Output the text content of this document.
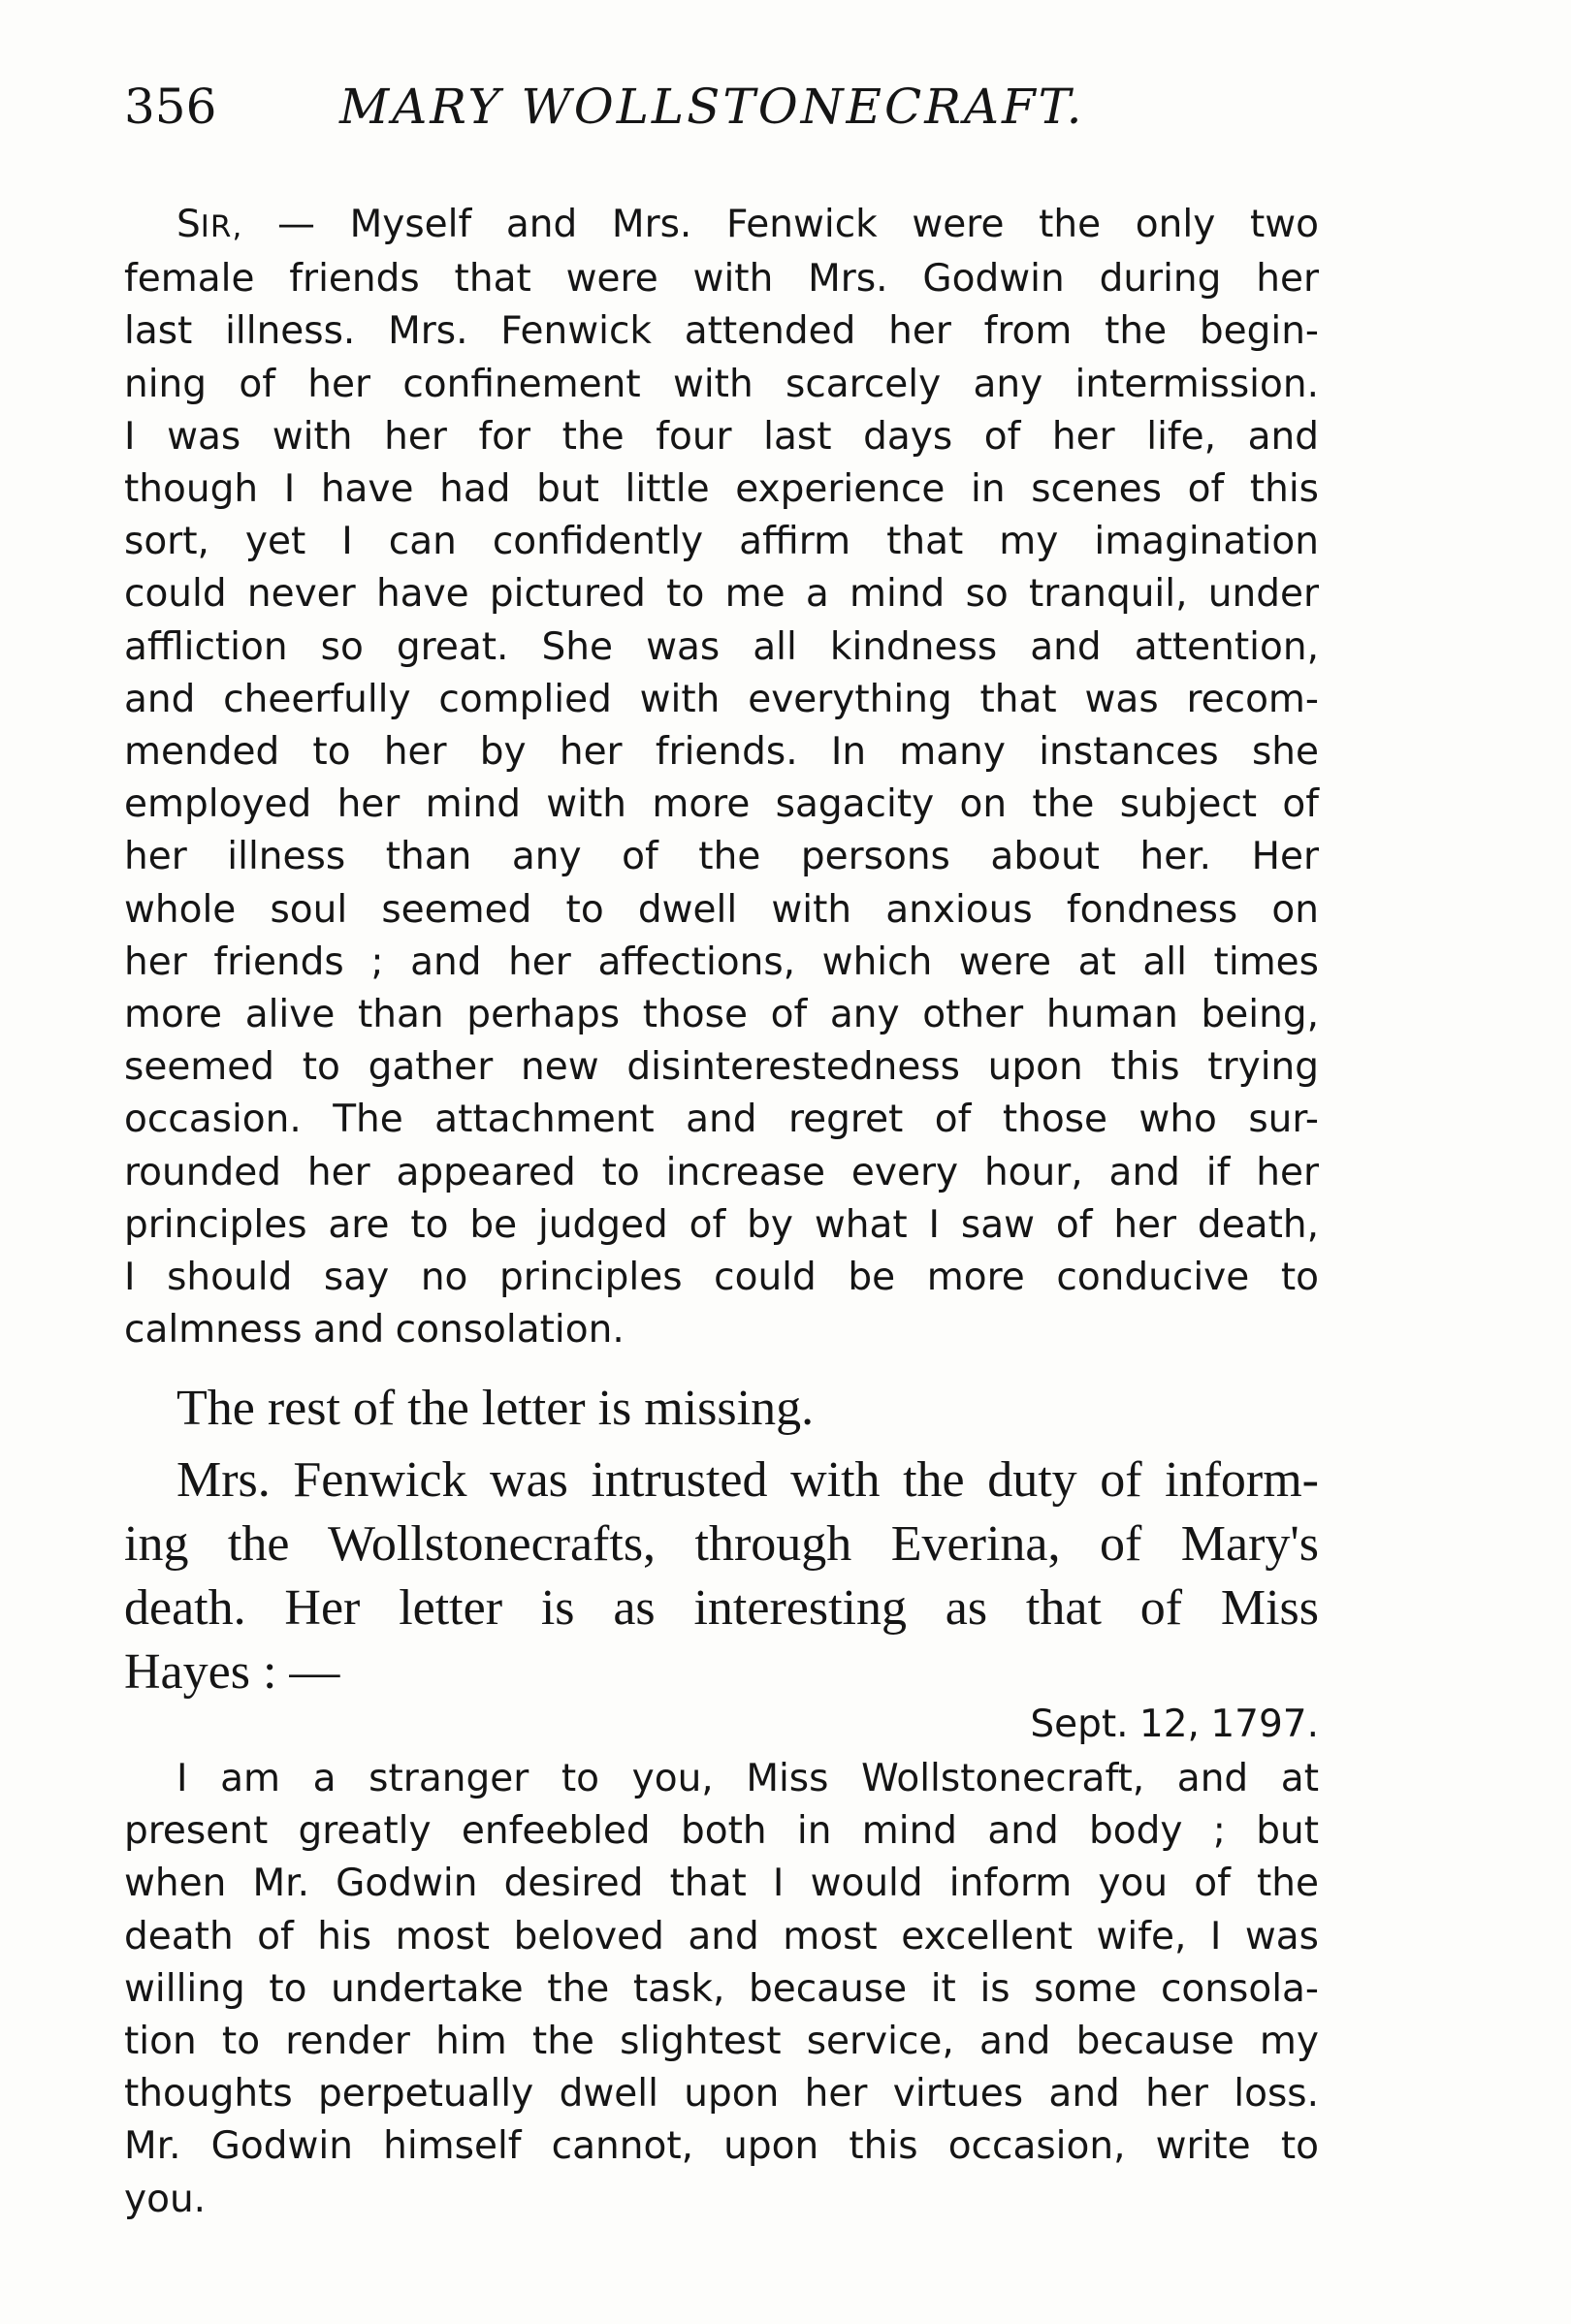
356	MARY WOLLSTONECRAFT.
SIR, — Myself and Mrs. Fenwick were the only two
female friends that were with Mrs. Godwin during her
last illness. Mrs. Fenwick attended her from the begin-
ning of her confinement with scarcely any intermission.
I was with her for the four last days of her life, and
though I have had but little experience in scenes of this
sort, yet I can confidently affirm that my imagination
could never have pictured to me a mind so tranquil, under
affliction so great. She was all kindness and attention,
and cheerfully complied with everything that was recom-
mended to her by her friends. In many instances she
employed her mind with more sagacity on the subject of
her illness than any of the persons about her. Her
whole soul seemed to dwell with anxious fondness on
her friends ; and her affections, which were at all times
more alive than perhaps those of any other human being,
seemed to gather new disinterestedness upon this trying
occasion. The attachment and regret of those who sur-
rounded her appeared to increase every hour, and if her
principles are to be judged of by what I saw of her death,
I should say no principles could be more conducive to
calmness and consolation.
The rest of the letter is missing.
Mrs. Fenwick was intrusted with the duty of inform-
ing the Wollstonecrafts, through Everina, of Mary's
death. Her letter is as interesting as that of Miss
Hayes : —
Sept. 12, 1797.
I am a stranger to you, Miss Wollstonecraft, and at
present greatly enfeebled both in mind and body ; but
when Mr. Godwin desired that I would inform you of the
death of his most beloved and most excellent wife, I was
willing to undertake the task, because it is some consola-
tion to render him the slightest service, and because my
thoughts perpetually dwell upon her virtues and her loss.
Mr. Godwin himself cannot, upon this occasion, write to
you.
